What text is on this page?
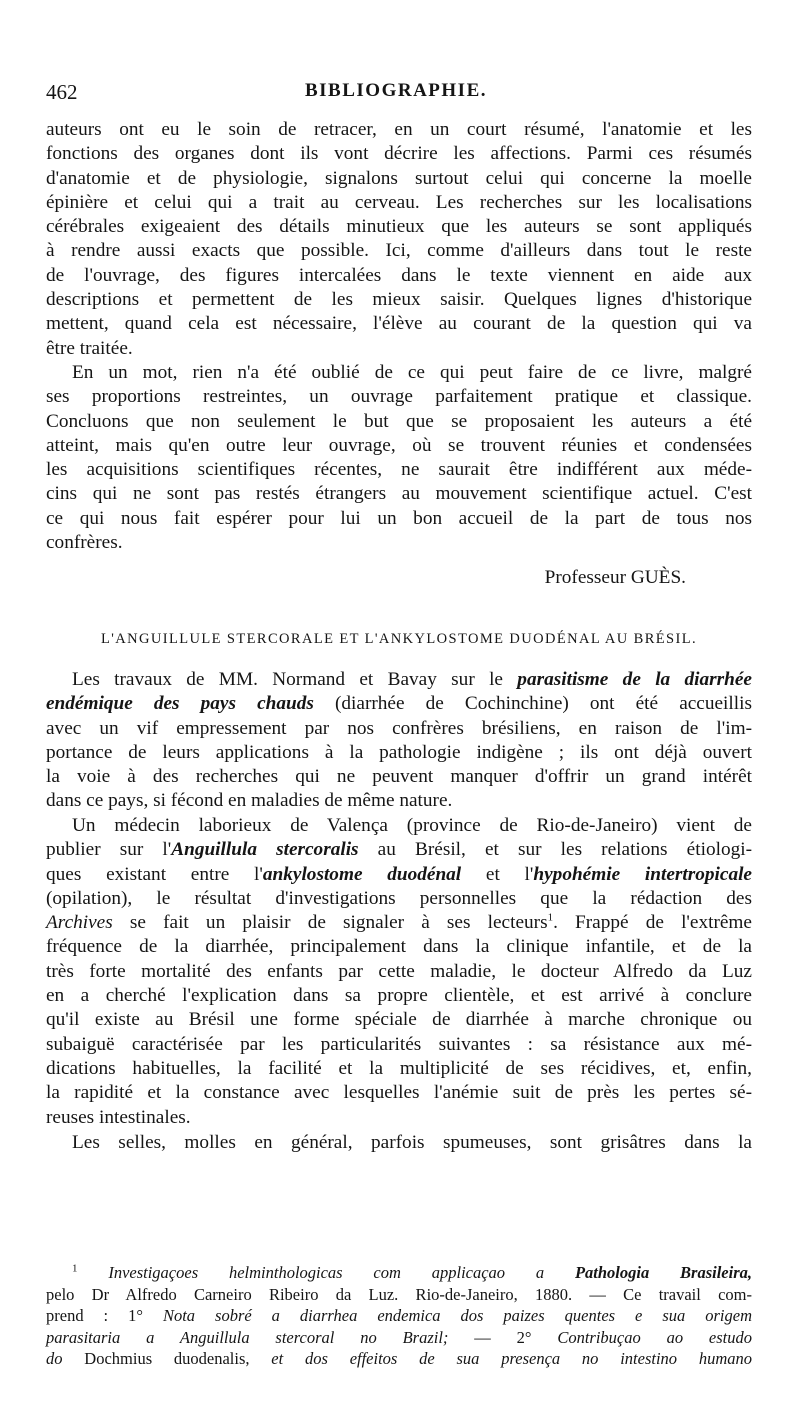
462	BIBLIOGRAPHIE.
auteurs ont eu le soin de retracer, en un court résumé, l'anatomie et les
fonctions des organes dont ils vont décrire les affections. Parmi ces résumés
d'anatomie et de physiologie, signalons surtout celui qui concerne la moelle
épinière et celui qui a trait au cerveau. Les recherches sur les localisations
cérébrales exigeaient des détails minutieux que les auteurs se sont appliqués
à rendre aussi exacts que possible. Ici, comme d'ailleurs dans tout le reste
de l'ouvrage, des figures intercalées dans le texte viennent en aide aux
descriptions et permettent de les mieux saisir. Quelques lignes d'historique
mettent, quand cela est nécessaire, l'élève au courant de la question qui va
être traitée.
En un mot, rien n'a été oublié de ce qui peut faire de ce livre, malgré
ses proportions restreintes, un ouvrage parfaitement pratique et classique.
Concluons que non seulement le but que se proposaient les auteurs a été
atteint, mais qu'en outre leur ouvrage, où se trouvent réunies et condensées
les acquisitions scientifiques récentes, ne saurait être indifférent aux méde-
cins qui ne sont pas restés étrangers au mouvement scientifique actuel. C'est
ce qui nous fait espérer pour lui un bon accueil de la part de tous nos
confrères.
Professeur GUÈS.
L'ANGUILLULE STERCORALE ET L'ANKYLOSTOME DUODÉNAL AU BRÉSIL.
Les travaux de MM. Normand et Bavay sur le parasitisme de la diarrhée
endémique des pays chauds (diarrhée de Cochinchine) ont été accueillis
avec un vif empressement par nos confrères brésiliens, en raison de l'im-
portance de leurs applications à la pathologie indigène ; ils ont déjà ouvert
la voie à des recherches qui ne peuvent manquer d'offrir un grand intérêt
dans ce pays, si fécond en maladies de même nature.
Un médecin laborieux de Valença (province de Rio-de-Janeiro) vient de
publier sur l'Anguillula stercoralis au Brésil, et sur les relations étiologi-
ques existant entre l'ankylostome duodénal et l'hypohémie intertropicale
(opilation), le résultat d'investigations personnelles que la rédaction des
Archives se fait un plaisir de signaler à ses lecteurs$^1$. Frappé de l'extrême
fréquence de la diarrhée, principalement dans la clinique infantile, et de la
très forte mortalité des enfants par cette maladie, le docteur Alfredo da Luz
en a cherché l'explication dans sa propre clientèle, et est arrivé à conclure
qu'il existe au Brésil une forme spéciale de diarrhée à marche chronique ou
subaiguë caractérisée par les particularités suivantes : sa résistance aux mé-
dications habituelles, la facilité et la multiplicité de ses récidives, et, enfin,
la rapidité et la constance avec lesquelles l'anémie suit de près les pertes sé-
reuses intestinales.
Les selles, molles en général, parfois spumeuses, sont grisâtres dans la
$^1$ Investigaçoes helminthologicas com applicaçao a Pathologia Brasileira,
pelo Dr Alfredo Carneiro Ribeiro da Luz. Rio-de-Janeiro, 1880. — Ce travail com-
prend : 1° Nota sobré a diarrhea endemica dos paizes quentes e sua origem
parasitaria a Anguillula stercoral no Brazil; — 2° Contribuçao ao estudo
do Dochmius duodenalis, et dos effeitos de sua presença no intestino humano
